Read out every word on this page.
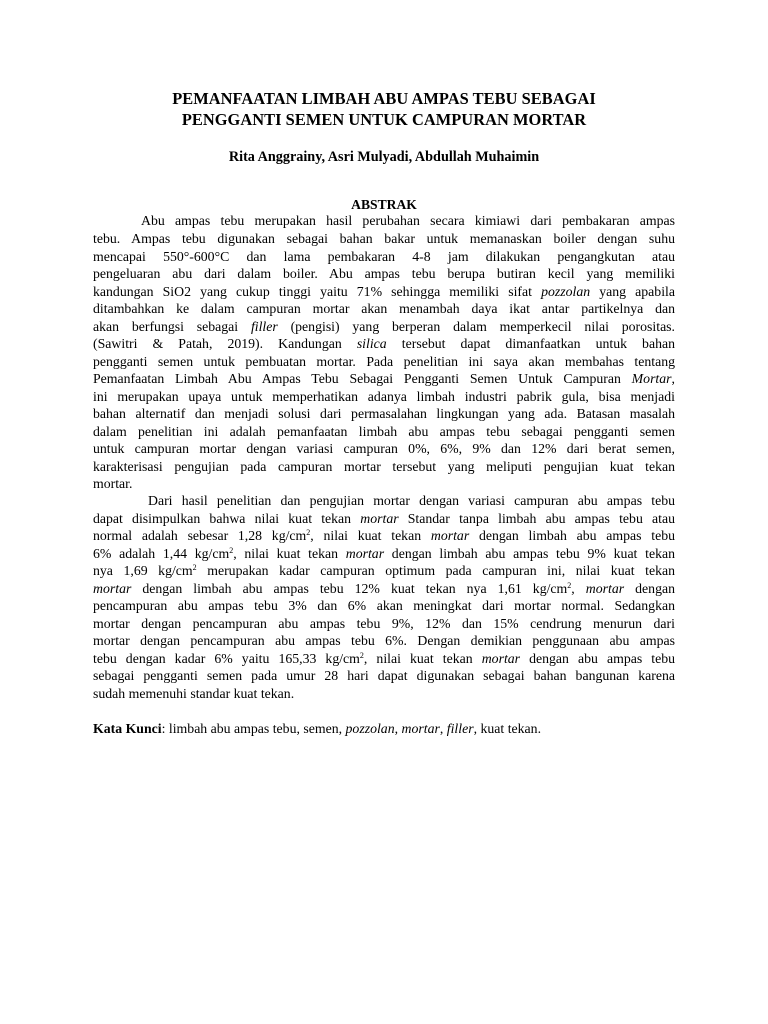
PEMANFAATAN LIMBAH ABU AMPAS TEBU SEBAGAI
PENGGANTI SEMEN UNTUK CAMPURAN MORTAR
Rita Anggrainy, Asri Mulyadi, Abdullah Muhaimin
ABSTRAK
Abu ampas tebu merupakan hasil perubahan secara kimiawi dari pembakaran ampas
tebu. Ampas tebu digunakan sebagai bahan bakar untuk memanaskan boiler dengan suhu
mencapai 550°-600°C dan lama pembakaran 4-8 jam dilakukan pengangkutan atau
pengeluaran abu dari dalam boiler. Abu ampas tebu berupa butiran kecil yang memiliki
kandungan SiO2 yang cukup tinggi yaitu 71% sehingga memiliki sifat pozzolan yang apabila
ditambahkan ke dalam campuran mortar akan menambah daya ikat antar partikelnya dan
akan berfungsi sebagai filler (pengisi) yang berperan dalam memperkecil nilai porositas.
(Sawitri & Patah, 2019). Kandungan silica tersebut dapat dimanfaatkan untuk bahan
pengganti semen untuk pembuatan mortar. Pada penelitian ini saya akan membahas tentang
Pemanfaatan Limbah Abu Ampas Tebu Sebagai Pengganti Semen Untuk Campuran Mortar,
ini merupakan upaya untuk memperhatikan adanya limbah industri pabrik gula, bisa menjadi
bahan alternatif dan menjadi solusi dari permasalahan lingkungan yang ada. Batasan masalah
dalam penelitian ini adalah pemanfaatan limbah abu ampas tebu sebagai pengganti semen
untuk campuran mortar dengan variasi campuran 0%, 6%, 9% dan 12% dari berat semen,
karakterisasi pengujian pada campuran mortar tersebut yang meliputi pengujian kuat tekan
mortar.
Dari hasil penelitian dan pengujian mortar dengan variasi campuran abu ampas tebu
dapat disimpulkan bahwa nilai kuat tekan mortar Standar tanpa limbah abu ampas tebu atau
normal adalah sebesar 1,28 $kg/cm^2$, nilai kuat tekan mortar dengan limbah abu ampas tebu
6% adalah 1,44 $kg/cm^2$, nilai kuat tekan mortar dengan limbah abu ampas tebu 9% kuat tekan
nya 1,69 $kg/cm^2$ merupakan kadar campuran optimum pada campuran ini, nilai kuat tekan
mortar dengan limbah abu ampas tebu 12% kuat tekan nya 1,61 $kg/cm^2$, mortar dengan
pencampuran abu ampas tebu 3% dan 6% akan meningkat dari mortar normal. Sedangkan
mortar dengan pencampuran abu ampas tebu 9%, 12% dan 15% cendrung menurun dari
mortar dengan pencampuran abu ampas tebu 6%. Dengan demikian penggunaan abu ampas
tebu dengan kadar 6% yaitu 165,33 $kg/cm^2$, nilai kuat tekan mortar dengan abu ampas tebu
sebagai pengganti semen pada umur 28 hari dapat digunakan sebagai bahan bangunan karena
sudah memenuhi standar kuat tekan.
Kata Kunci: limbah abu ampas tebu, semen, pozzolan, mortar, filler, kuat tekan.
